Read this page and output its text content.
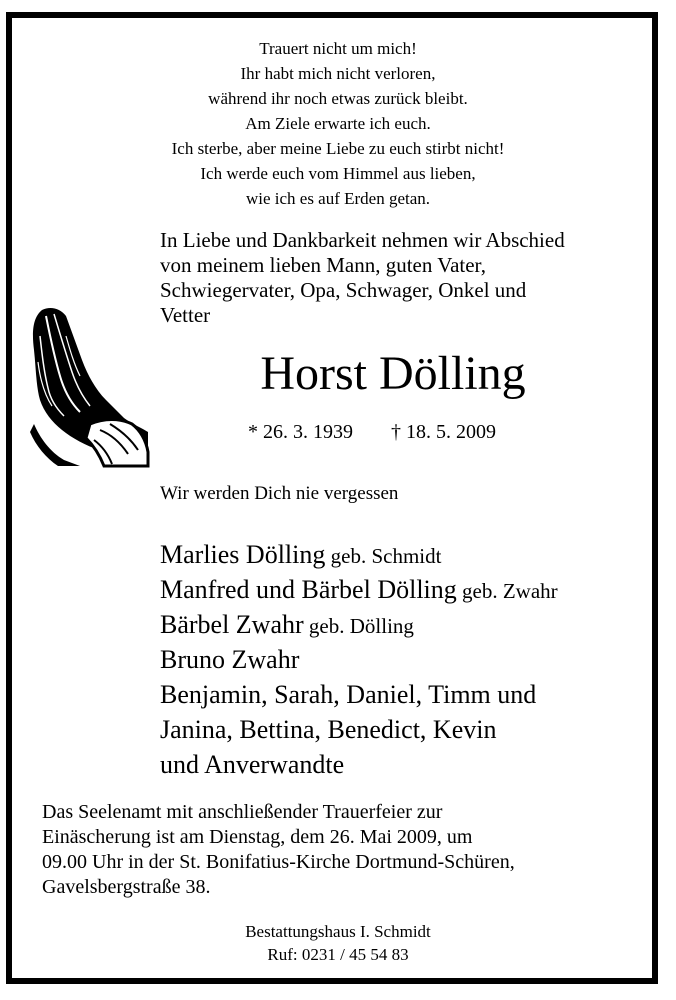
Trauert nicht um mich!
Ihr habt mich nicht verloren,
während ihr noch etwas zurück bleibt.
Am Ziele erwarte ich euch.
Ich sterbe, aber meine Liebe zu euch stirbt nicht!
Ich werde euch vom Himmel aus lieben,
wie ich es auf Erden getan.
In Liebe und Dankbarkeit nehmen wir Abschied
von meinem lieben Mann, guten Vater,
Schwiegervater, Opa, Schwager, Onkel und
Vetter
Horst Dölling
* 26. 3. 1939 † 18. 5. 2009
Wir werden Dich nie vergessen
Marlies Dölling geb. Schmidt
Manfred und Bärbel Dölling geb. Zwahr
Bärbel Zwahr geb. Dölling
Bruno Zwahr
Benjamin, Sarah, Daniel, Timm und
Janina, Bettina, Benedict, Kevin
und Anverwandte
Das Seelenamt mit anschließender Trauerfeier zur
Einäscherung ist am Dienstag, dem 26. Mai 2009, um
09.00 Uhr in der St. Bonifatius-Kirche Dortmund-Schüren,
Gavelsbergstraße 38.
Bestattungshaus I. Schmidt
Ruf: 0231 / 45 54 83
